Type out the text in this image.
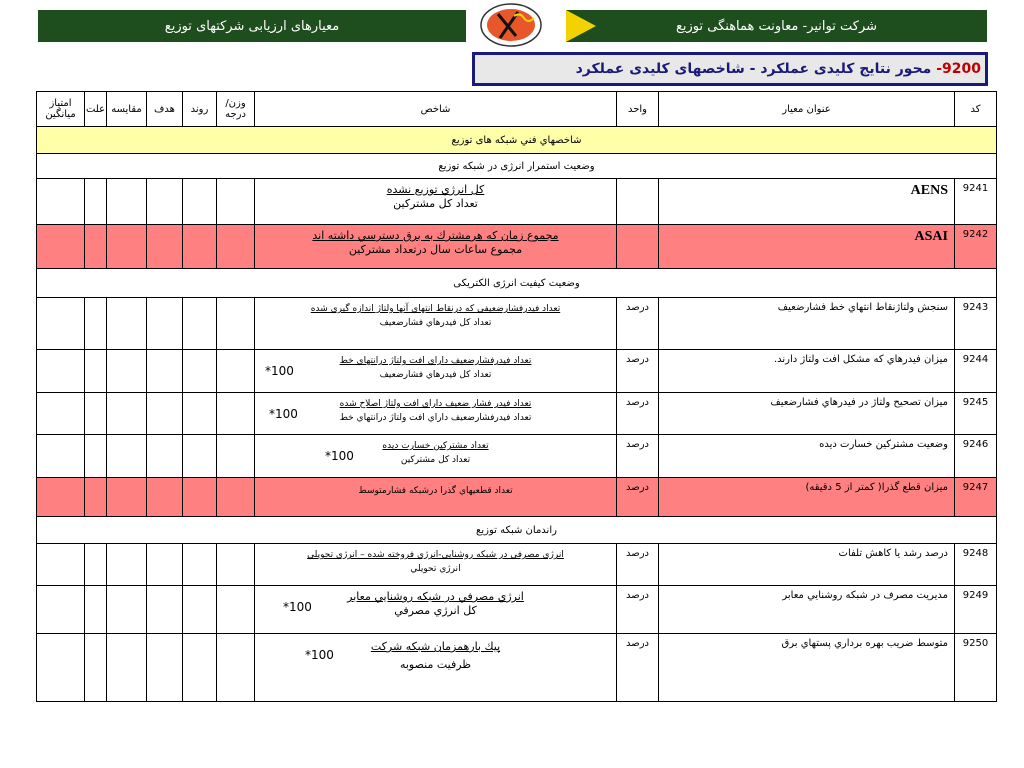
شرکت توانیر- معاونت هماهنگی توزیع
معیارهای ارزیابی شرکتهای توزیع
9200-

محور نتایج کلیدی عملکرد - شاخصهای کلیدی عملکرد
کد	عنوان معیار	واحد	شاخص	وزن/ درجه	روند	هدف	مقایسه	علت	امتیاز میانگین
شاخصهاي فني شبکه های توزیع									
وضعیت استمرار انرژی در شبکه توزیع									
9241	AENS		کل انرژي توزيع نشده
تعداد کل مشترکين						

9242	ASAI		مجموع زمان که هرمشترك به برق دسترسي داشته اند
مجموع ساعات سال درتعداد مشترکين						

وضعیت کیفیت انرژی الکتریکی									
9243	سنجش ولتاژنقاط انتهاي خط فشارضعيف	درصد	تعداد فيدرفشارضعيفي كه درنقاط انتهاي آنها ولتاژ اندازه گيري شده
تعداد كل فيدرهاي فشارضعيف						

9244	ميزان فيدرهاي كه مشكل افت ولتاژ دارند.	درصد	تعداد فيدرفشارضعيف داراي افت ولتاژ درانتهاي خط
تعداد كل فيدرهاي فشارضعيف
100*						

9245	ميزان تصحيح ولتاژ در فيدرهاي فشارضعيف	درصد	تعداد فيدر فشار ضعيف داراي افت ولتاژ اصلاح شده
تعداد فيدرفشارضعيف داراي افت ولتاژ درانتهاي خط
100*						

9246	وضعيت مشتركين خسارت ديده	درصد	تعداد مشتركين خسارت ديده
تعداد كل مشتركين
100*						

9247	ميزان قطع گذرا( كمتر از 5 دقيقه)	درصد	تعداد قطعيهاي گذرا درشبكه فشارمتوسط						

راندمان شبکه توزیع									
9248	درصد رشد يا كاهش تلفات	درصد	انرژي مصرفي در شبکه روشنايي-انرژي فروخته شده – انرژي تحويلي
انرژي تحويلي						

9249	مديريت مصرف در شبكه روشنايي معابر	درصد	انرژي مصرفي در شبكه روشنايي معابر
كل انرژي مصرفي
100*						

9250	متوسط ضريب بهره برداري پستهاي برق	درصد	پيك بارهمزمان شبكه شركت
ظرفيت منصوبه
100*						
